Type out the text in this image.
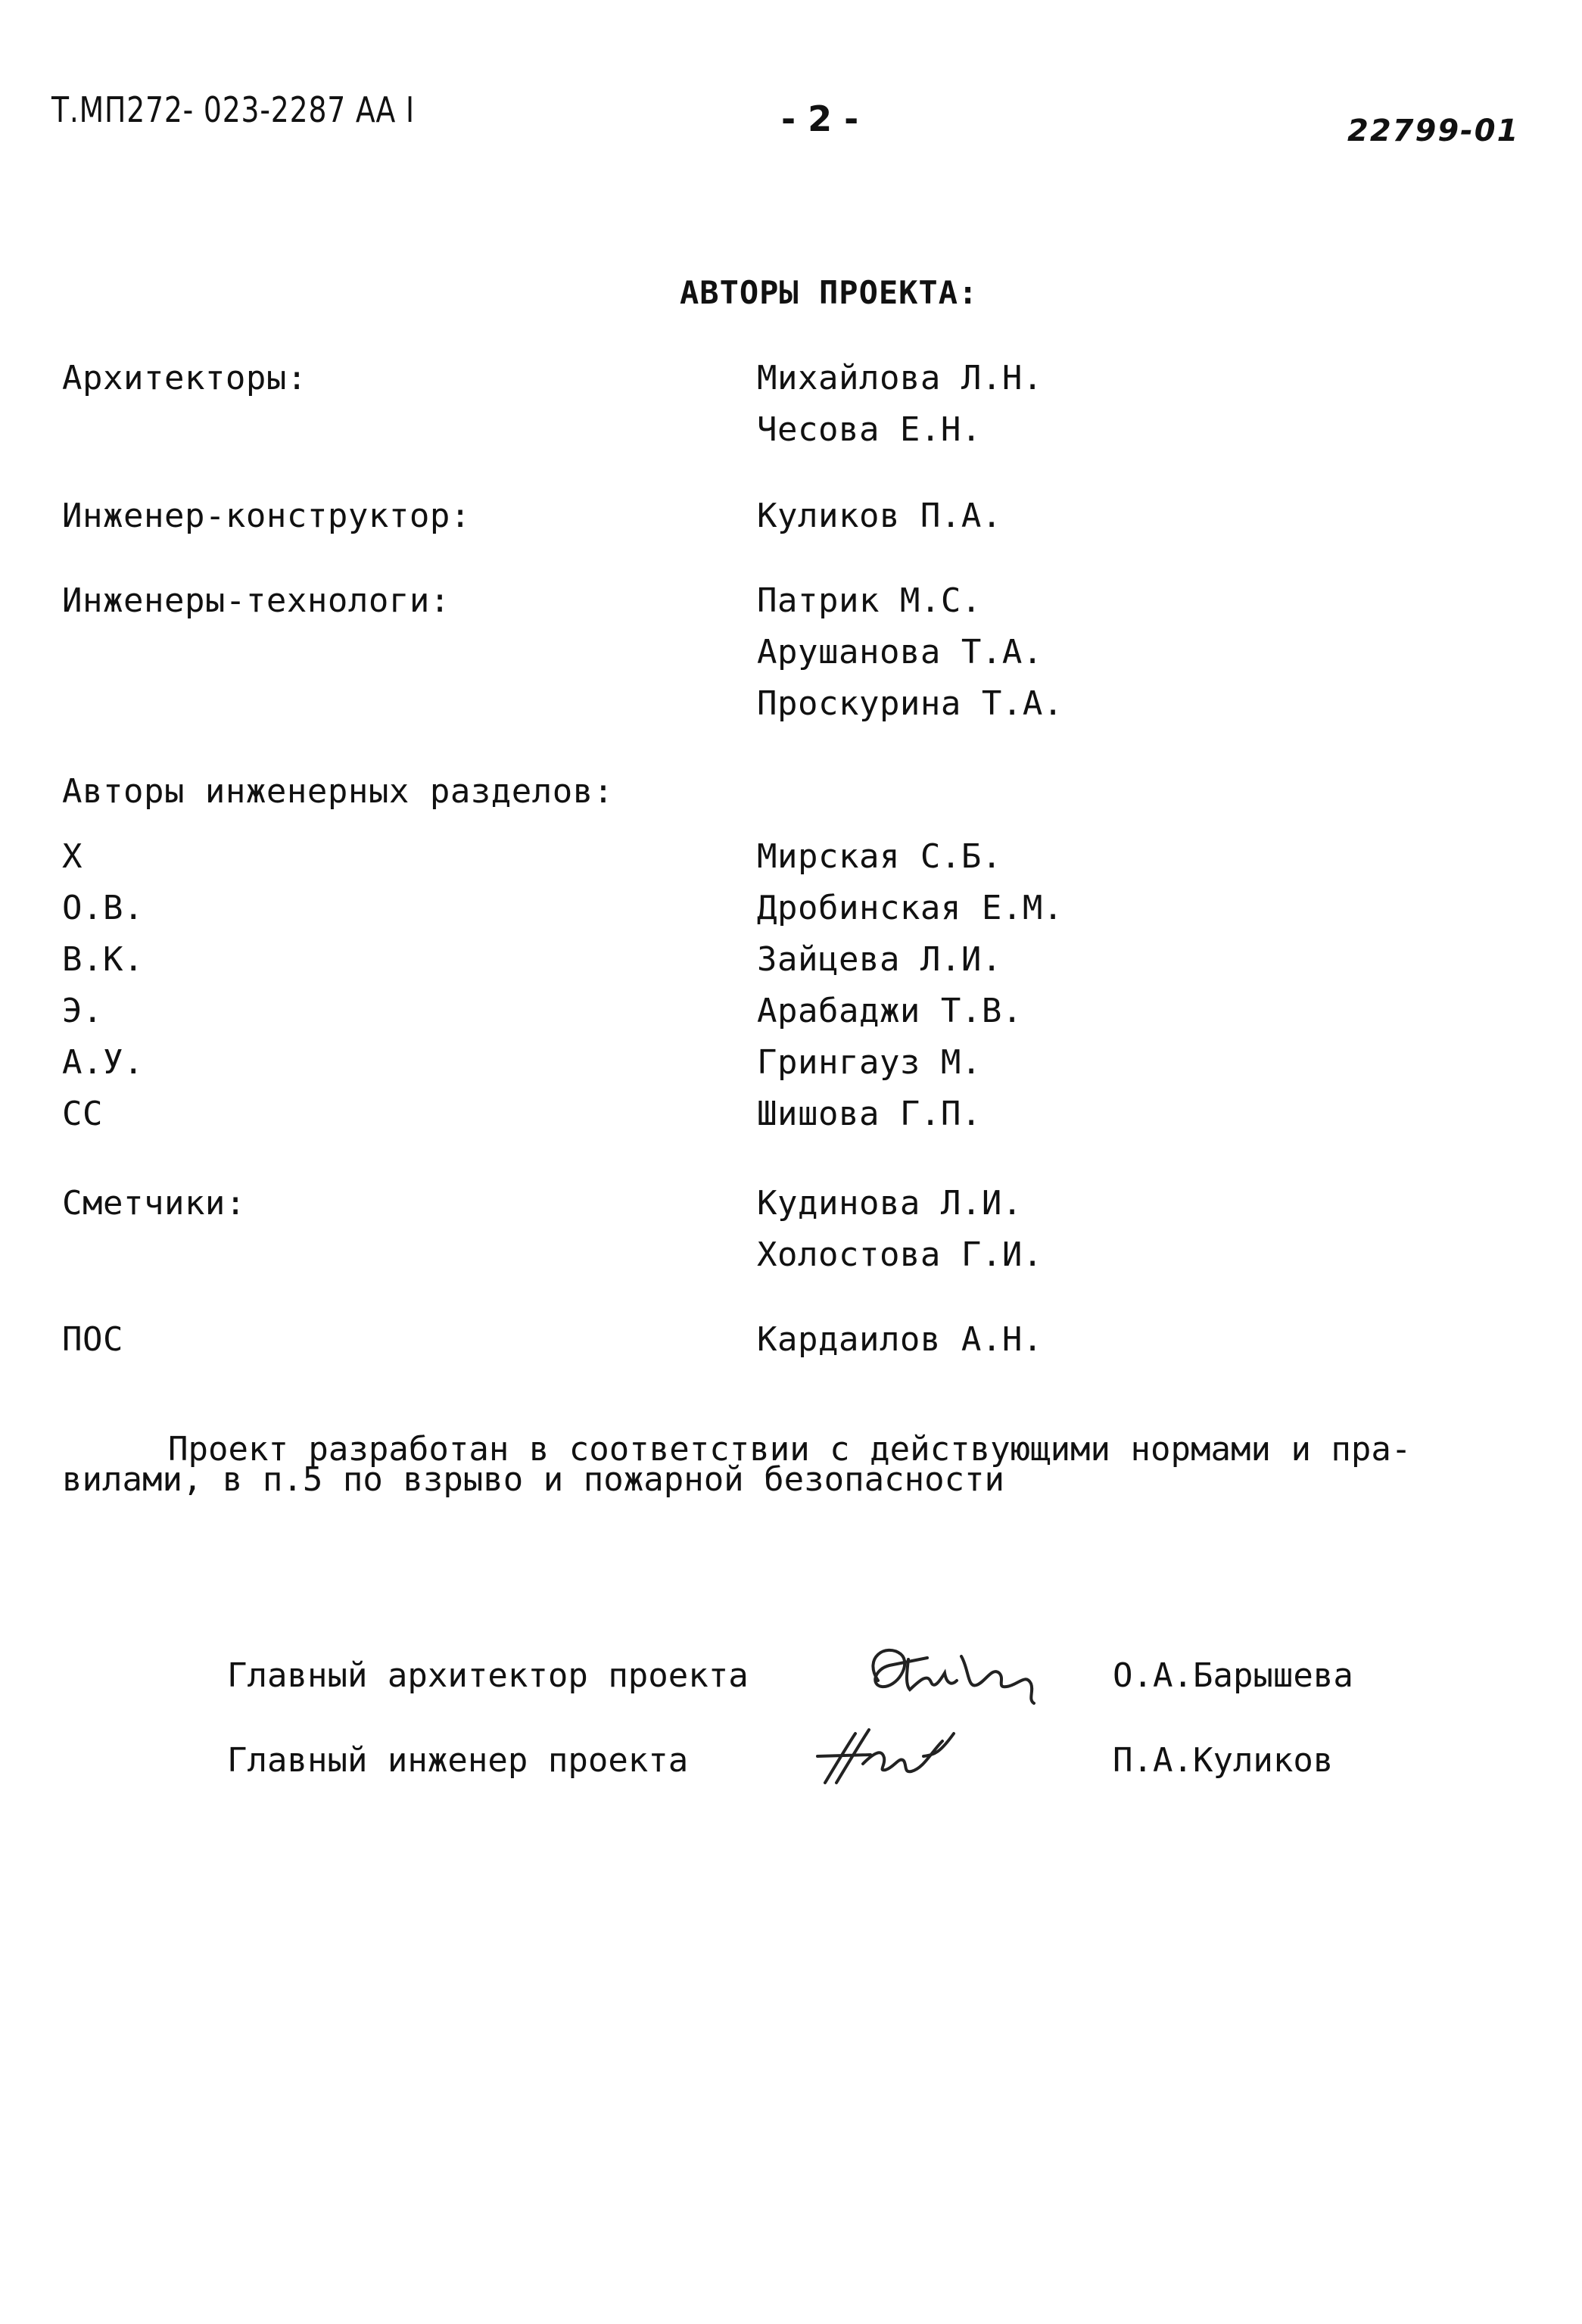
Т.МП272- 023-2287 АА I	- 2 -	22799-01
АВТОРЫ ПРОЕКТА:
Архитекторы:	Михайлова Л.Н.
Чесова Е.Н.
Инженер-конструктор:	Куликов П.А.
Инженеры-технологи:	Патрик М.С.
Арушанова Т.А.
Проскурина Т.А.
Авторы инженерных разделов:
Х	Мирская С.Б.
О.В.	Дробинская Е.М.
В.К.	Зайцева Л.И.
Э.	Арабаджи Т.В.
А.У.	Грингауз М.
СС	Шишова Г.П.
Сметчики:	Кудинова Л.И.
Холостова Г.И.
ПОС	Кардаилов А.Н.
Проект разработан в соответствии с действующими нормами и пра-
вилами, в п.5 по взрыво и пожарной безопасности
Главный архитектор проекта	О.А.Барышева
Главный инженер проекта	П.А.Куликов
